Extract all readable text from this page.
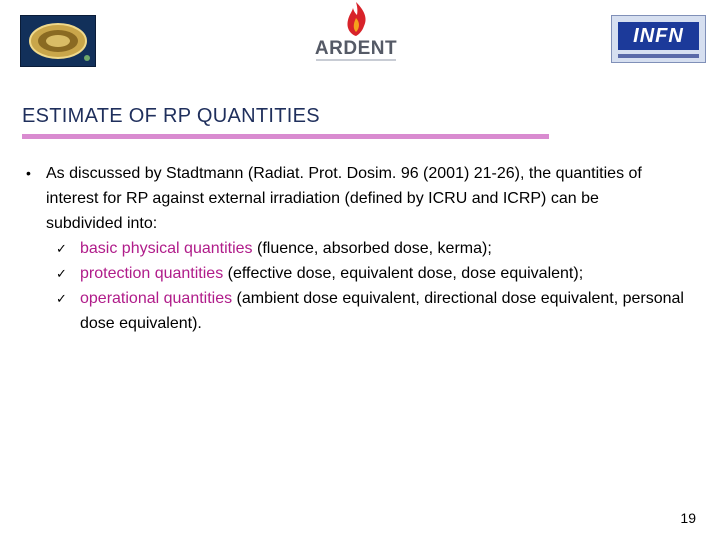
ARDENT
INFN
ESTIMATE OF RP QUANTITIES
• As discussed by Stadtmann (Radiat. Prot. Dosim. 96 (2001) 21-26), the quantities of interest for RP against external irradiation (defined by ICRU and ICRP) can be subdivided into:
✓ basic physical quantities (fluence, absorbed dose, kerma);
✓ protection quantities (effective dose, equivalent dose, dose equivalent);
✓ operational quantities (ambient dose equivalent, directional dose equivalent, personal dose equivalent).
19
